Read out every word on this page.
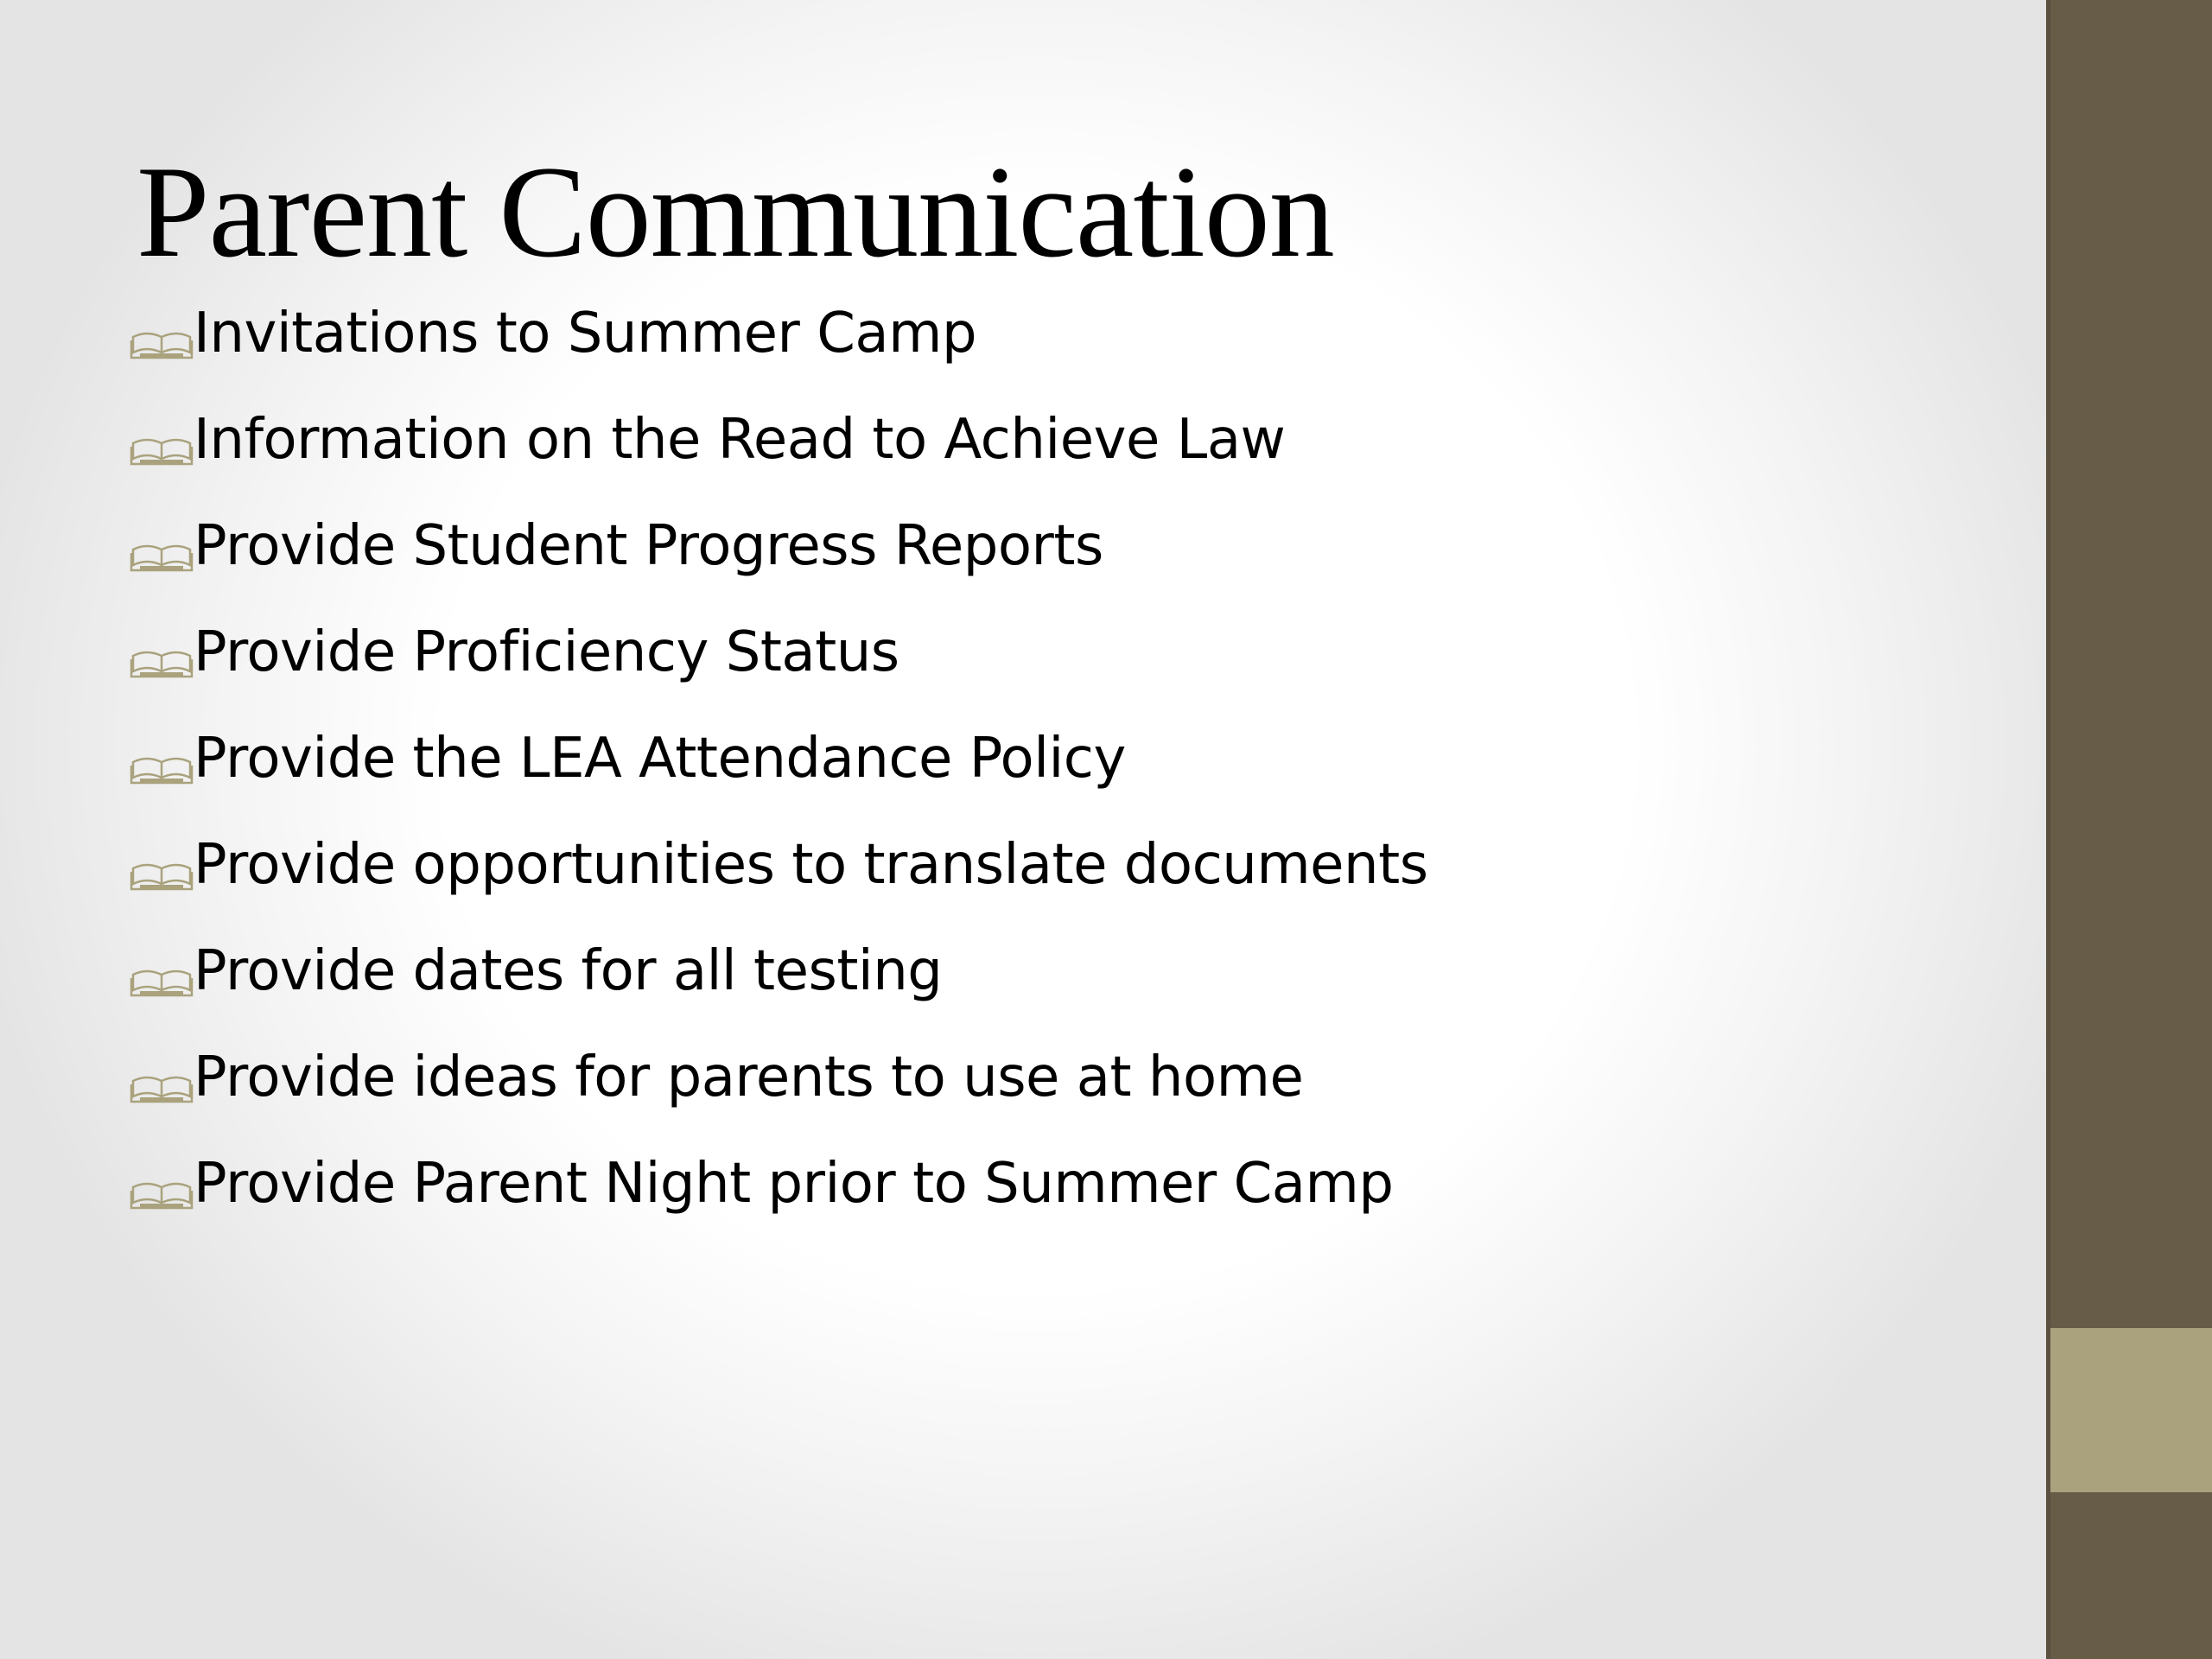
Parent Communication
Invitations to Summer Camp
Information on the Read to Achieve Law
Provide Student Progress Reports
Provide Proficiency Status
Provide the LEA Attendance Policy
Provide opportunities to translate documents
Provide dates for all testing
Provide ideas for parents to use at home
Provide Parent Night prior to Summer Camp
